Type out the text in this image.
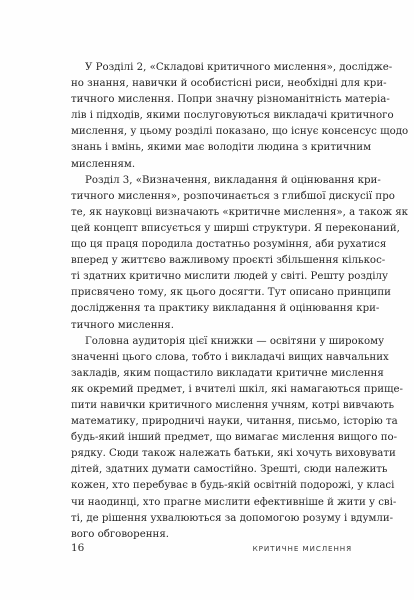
У Розділі 2, «Складові критичного мислення», дослідже-
но знання, навички й особистісні риси, необхідні для кри-
тичного мислення. Попри значну різноманітність матеріа-
лів і підходів, якими послуговуються викладачі критичного
мислення, у цьому розділі показано, що існує консенсус щодо
знань і вмінь, якими має володіти людина з критичним
мисленням.

Розділ 3, «Визначення, викладання й оцінювання кри-
тичного мислення», розпочинається з глибшої дискусії про
те, як науковці визначають «критичне мислення», а також як
цей концепт вписується у ширші структури. Я переконаний,
що ця праця породила достатньо розуміння, аби рухатися
вперед у життєво важливому проєкті збільшення кількос-
ті здатних критично мислити людей у світі. Решту розділу
присвячено тому, як цього досягти. Тут описано принципи
дослідження та практику викладання й оцінювання кри-
тичного мислення.

Головна аудиторія цієї книжки — освітяни у широкому
значенні цього слова, тобто і викладачі вищих навчальних
закладів, яким пощастило викладати критичне мислення
як окремий предмет, і вчителі шкіл, які намагаються прище-
пити навички критичного мислення учням, котрі вивчають
математику, природничі науки, читання, письмо, історію та
будь-який інший предмет, що вимагає мислення вищого по-
рядку. Сюди також належать батьки, які хочуть виховувати
дітей, здатних думати самостійно. Зрешті, сюди належить
кожен, хто перебуває в будь-якій освітній подорожі, у класі
чи наодинці, хто прагне мислити ефективніше й жити у сві-
ті, де рішення ухвалюються за допомогою розуму і вдумли-
вого обговорення.

16	КРИТИЧНЕ МИСЛЕННЯ
